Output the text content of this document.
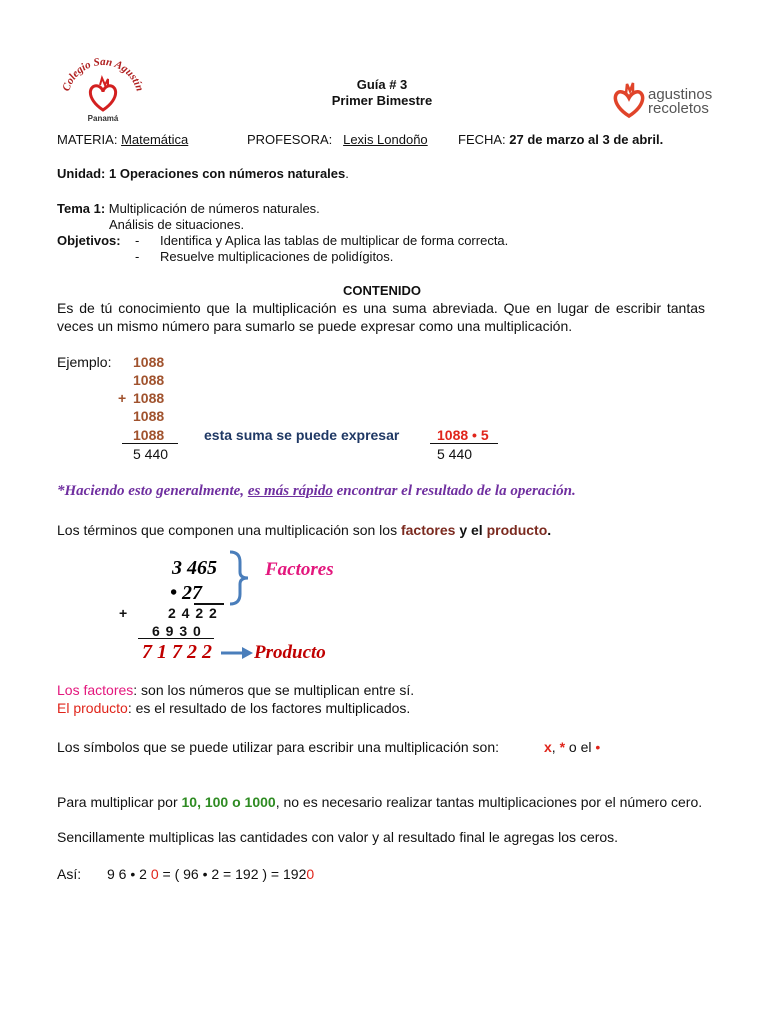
Colegio San Agustín
Panamá
Guía # 3
Primer Bimestre	agustinos
recoletos
MATERIA: Matemática	PROFESORA: Lexis Londoño FECHA: 27 de marzo al 3 de abril.
Unidad: 1 Operaciones con números naturales.
Tema 1: Multiplicación de números naturales.
Análisis de situaciones.
Objetivos: - Identifica y Aplica las tablas de multiplicar de forma correcta.
- Resuelve multiplicaciones de polidígitos.
CONTENIDO
Es de tú conocimiento que la multiplicación es una suma abreviada. Que en lugar de escribir tantas veces un mismo número para sumarlo se puede expresar como una multiplicación.
Ejemplo: 1088
1088
+ 1088
1088
1088
5 440
esta suma se puede expresar	1088 • 5
5 440
*Haciendo esto generalmente, es más rápido encontrar el resultado de la operación.
Los términos que componen una multiplicación son los factores y el producto.
3 465
• 27
Factores
+	2 4 2 2
6 9 3 0
7 1 7 2 2 Producto
Los factores: son los números que se multiplican entre sí.
El producto: es el resultado de los factores multiplicados.
Los símbolos que se puede utilizar para escribir una multiplicación son:	x, * o el •
Para multiplicar por 10, 100 o 1000, no es necesario realizar tantas multiplicaciones por el número cero.
Sencillamente multiplicas las cantidades con valor y al resultado final le agregas los ceros.
Así: 9 6 • 2 0 = ( 96 • 2 = 192 ) = 1920
